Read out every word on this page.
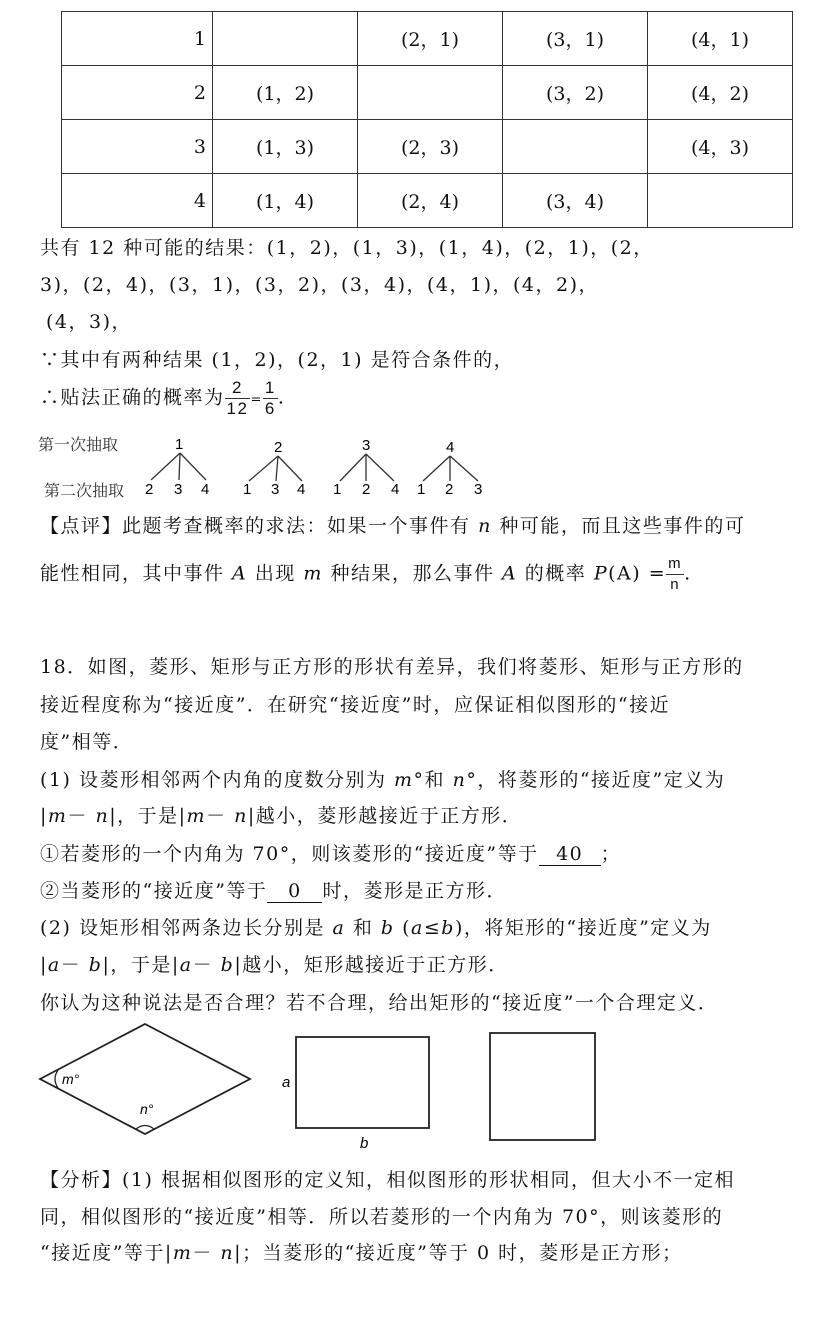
1		(2，1)	(3，1)	(4，1)
2	(1，2)		(3，2)	(4，2)
3	(1，3)	(2，3)		(4，3)
4	(1，4)	(2，4)	(3，4)	
共有 12 种可能的结果：(1，2)，(1，3)，(1，4)，(2，1)，(2，
3)，(2，4)，(3，1)，(3，2)，(3，4)，(4，1)，(4，2)，
(4，3)，
∵其中有两种结果 (1，2)，(2，1) 是符合条件的，
∴贴法正确的概率为 $\frac{2}{12} = \frac{1}{6}$ .
第一次抽取
第二次抽取
1
2 3 4
2
1 3 4
3
1 2 4
4
1 2 3
【点评】此题考查概率的求法：如果一个事件有 n 种可能，而且这些事件的可
能性相同，其中事件 A 出现 m 种结果，那么事件 A 的概率 $P(A) = \frac{m}{n}$ .
18．如图，菱形、矩形与正方形的形状有差异，我们将菱形、矩形与正方形的
接近程度称为“接近度”．在研究“接近度”时，应保证相似图形的“接近
度”相等．
(1) 设菱形相邻两个内角的度数分别为 m°和 n°，将菱形的“接近度”定义为
|m－ n|，于是|m－ n|越小，菱形越接近于正方形．
①若菱形的一个内角为 70°，则该菱形的“接近度”等于 40 ；
②当菱形的“接近度”等于 0 时，菱形是正方形．
(2) 设矩形相邻两条边长分别是 a 和 b (a≤b)，将矩形的“接近度”定义为
|a－ b|，于是|a－ b|越小，矩形越接近于正方形．
你认为这种说法是否合理？若不合理，给出矩形的“接近度”一个合理定义．
m°
n°
a
b
【分析】(1) 根据相似图形的定义知，相似图形的形状相同，但大小不一定相
同，相似图形的“接近度”相等．所以若菱形的一个内角为 70°，则该菱形的
“接近度”等于|m－ n|；当菱形的“接近度”等于 0 时，菱形是正方形；
